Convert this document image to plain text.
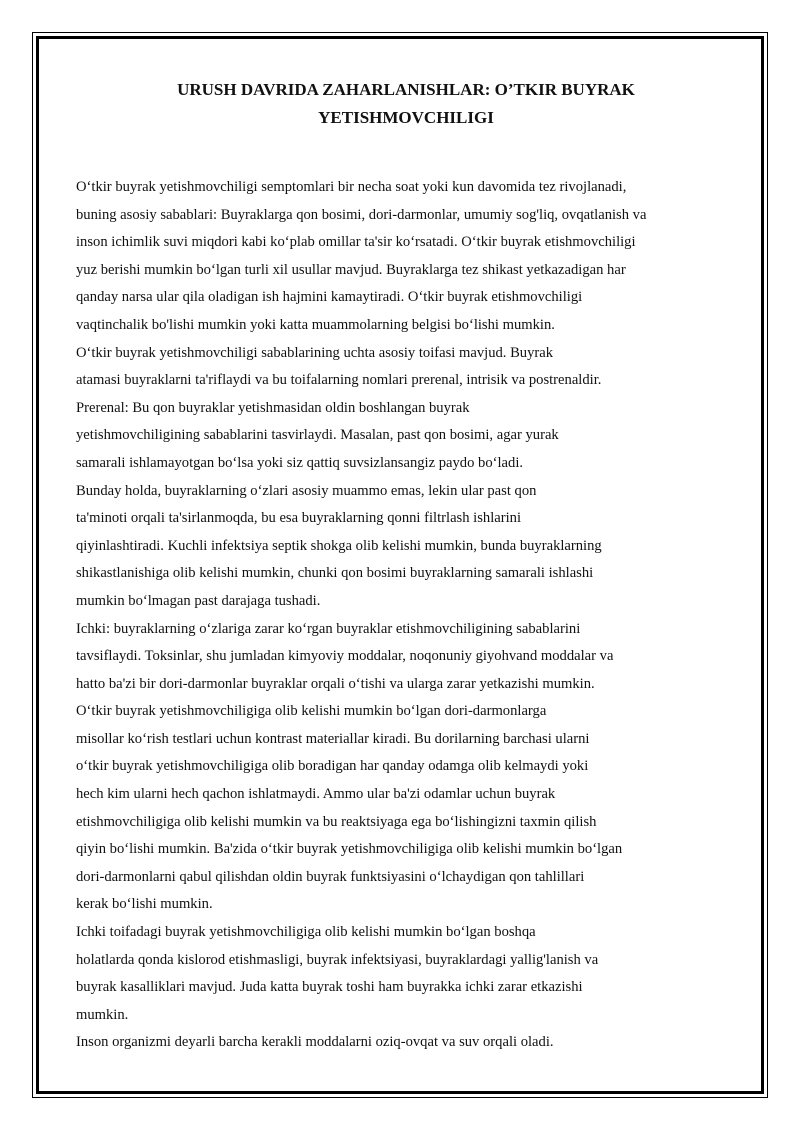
URUSH DAVRIDA ZAHARLANISHLAR: O’TKIR BUYRAK
YETISHMOVCHILIGI
O‘tkir buyrak yetishmovchiligi semptomlari bir necha soat yoki kun davomida tez rivojlanadi,
buning asosiy sabablari: Buyraklarga qon bosimi, dori-darmonlar, umumiy sog'liq, ovqatlanish va
inson ichimlik suvi miqdori kabi ko‘plab omillar ta'sir ko‘rsatadi. O‘tkir buyrak etishmovchiligi
yuz berishi mumkin bo‘lgan turli xil usullar mavjud. Buyraklarga tez shikast yetkazadigan har
qanday narsa ular qila oladigan ish hajmini kamaytiradi. O‘tkir buyrak etishmovchiligi
vaqtinchalik bo'lishi mumkin yoki katta muammolarning belgisi bo‘lishi mumkin.
O‘tkir buyrak yetishmovchiligi sabablarining uchta asosiy toifasi mavjud. Buyrak
atamasi buyraklarni ta'riflaydi va bu toifalarning nomlari prerenal, intrisik va postrenaldir.
Prerenal: Bu qon buyraklar yetishmasidan oldin boshlangan buyrak
yetishmovchiligining sabablarini tasvirlaydi. Masalan, past qon bosimi, agar yurak
samarali ishlamayotgan bo‘lsa yoki siz qattiq suvsizlansangiz paydo bo‘ladi.
Bunday holda, buyraklarning o‘zlari asosiy muammo emas, lekin ular past qon
ta'minoti orqali ta'sirlanmoqda, bu esa buyraklarning qonni filtrlash ishlarini
qiyinlashtiradi. Kuchli infektsiya septik shokga olib kelishi mumkin, bunda buyraklarning
shikastlanishiga olib kelishi mumkin, chunki qon bosimi buyraklarning samarali ishlashi
mumkin bo‘lmagan past darajaga tushadi.
Ichki: buyraklarning o‘zlariga zarar ko‘rgan buyraklar etishmovchiligining sabablarini
tavsiflaydi. Toksinlar, shu jumladan kimyoviy moddalar, noqonuniy giyohvand moddalar va
hatto ba'zi bir dori-darmonlar buyraklar orqali o‘tishi va ularga zarar yetkazishi mumkin.
O‘tkir buyrak yetishmovchiligiga olib kelishi mumkin bo‘lgan dori-darmonlarga
misollar ko‘rish testlari uchun kontrast materiallar kiradi. Bu dorilarning barchasi ularni
o‘tkir buyrak yetishmovchiligiga olib boradigan har qanday odamga olib kelmaydi yoki
hech kim ularni hech qachon ishlatmaydi. Ammo ular ba'zi odamlar uchun buyrak
etishmovchiligiga olib kelishi mumkin va bu reaktsiyaga ega bo‘lishingizni taxmin qilish
qiyin bo‘lishi mumkin. Ba'zida o‘tkir buyrak yetishmovchiligiga olib kelishi mumkin bo‘lgan
dori-darmonlarni qabul qilishdan oldin buyrak funktsiyasini o‘lchaydigan qon tahlillari
kerak bo‘lishi mumkin.
Ichki toifadagi buyrak yetishmovchiligiga olib kelishi mumkin bo‘lgan boshqa
holatlarda qonda kislorod etishmasligi, buyrak infektsiyasi, buyraklardagi yallig'lanish va
buyrak kasalliklari mavjud. Juda katta buyrak toshi ham buyrakka ichki zarar etkazishi
mumkin.
Inson organizmi deyarli barcha kerakli moddalarni oziq-ovqat va suv orqali oladi.
